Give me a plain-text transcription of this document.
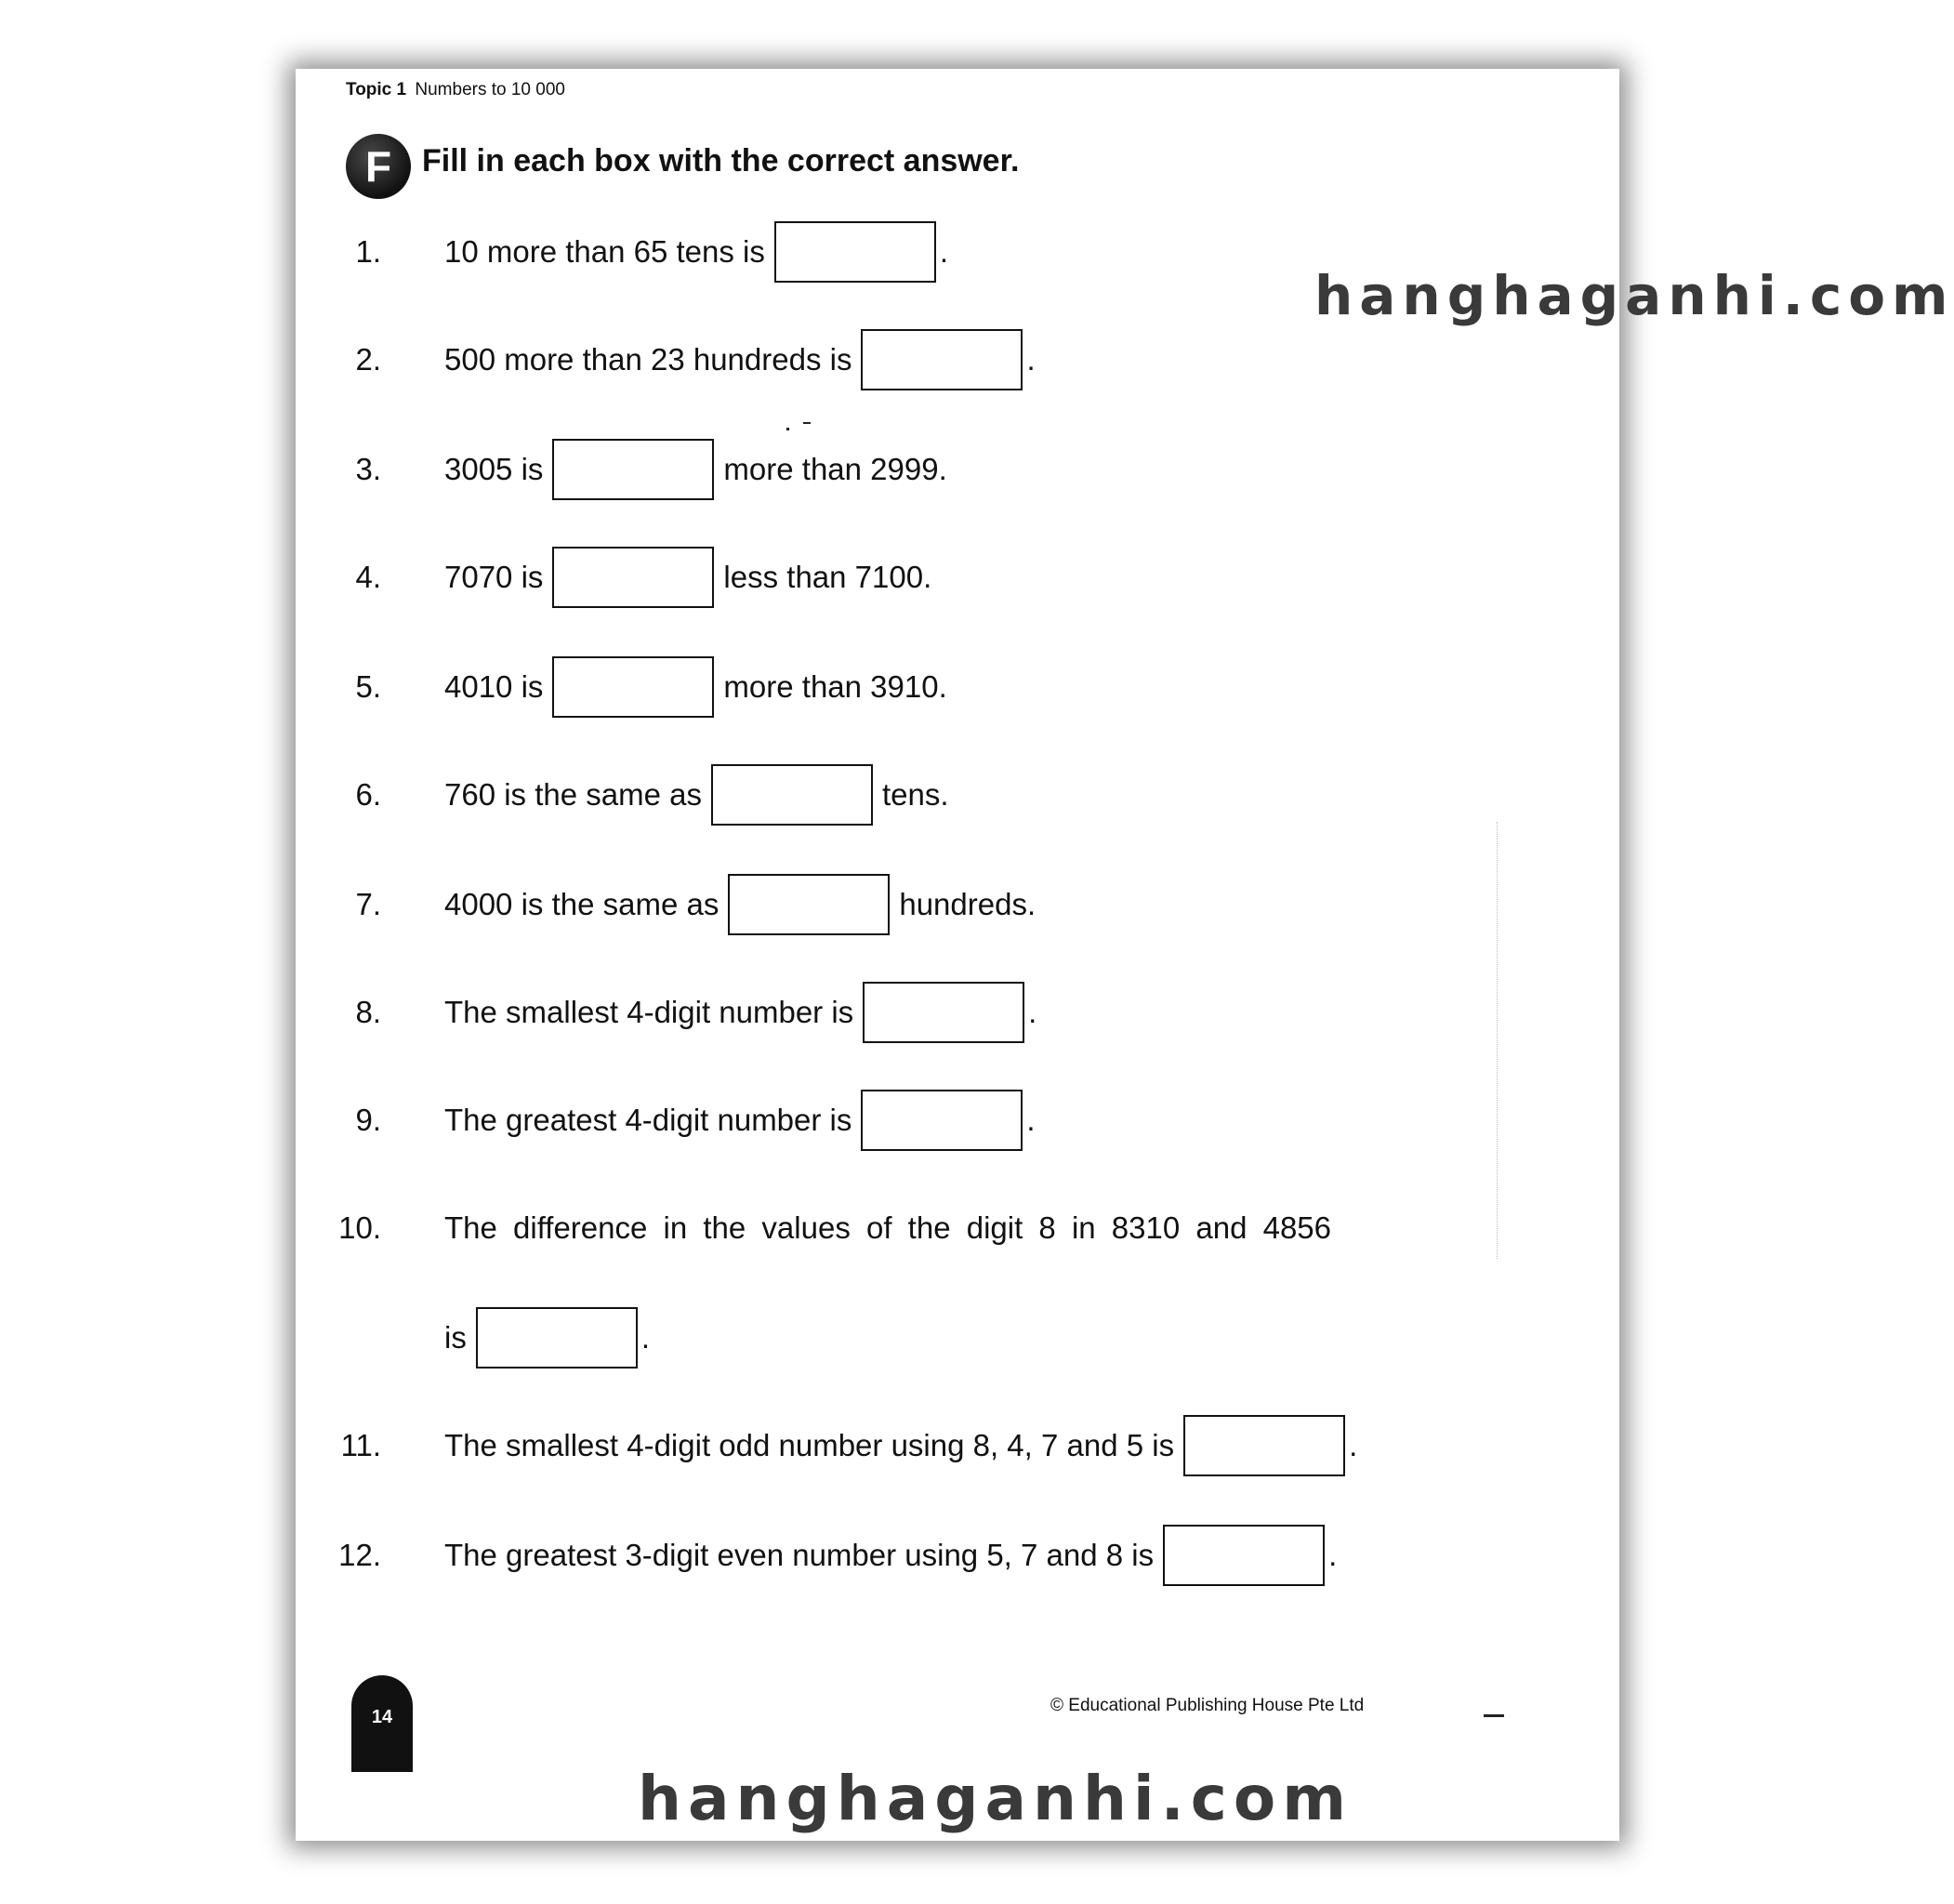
Topic 1 Numbers to 10 000
F Fill in each box with the correct answer.
1. 10 more than 65 tens is	.
2. 500 more than 23 hundreds is	.
3. 3005 is	more than 2999.
4. 7070 is	less than 7100.
5. 4010 is	more than 3910.
6. 760 is the same as	tens.
7. 4000 is the same as	hundreds.
8. The smallest 4-digit number is	.
9. The greatest 4-digit number is	.
10. The difference in the values of the digit 8 in 8310 and 4856
is	.
11. The smallest 4-digit odd number using 8, 4, 7 and 5 is	.
12. The greatest 3-digit even number using 5, 7 and 8 is	.
14
© Educational Publishing House Pte Ltd
hanghaganhi.com
hanghaganhi.com
